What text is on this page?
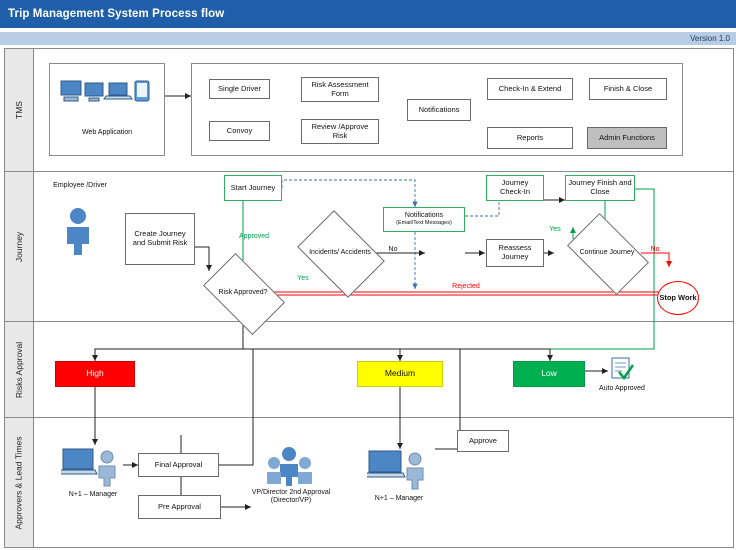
Trip Management System Process flow
Version 1.0
TMS
Journey
Risks Approval
Approvers & Lead Times
Web Application
Single Driver
Convoy
Risk Assessment Form
Review /Approve Risk
Notifications
Check-In & Extend	Finish & Close
Reports	Admin Functions
Employee /Driver
Create Journey and Submit Risk
Start Journey
Incidents/ Accidents
Notifications
(Email/Text Messages)
Journey Check-In
Journey Finish and Close
Reassess Journey	Continue Journey
Risk Approved?
Stop Work
Approved
Rejected
No	No
Yes
Yes
High	Medium	Low
Auto Approved
N+1 – Manager
Final Approval
Pre Approval
VP/Director 2nd Approval (Director/VP)	N+1 – Manager
Approve
